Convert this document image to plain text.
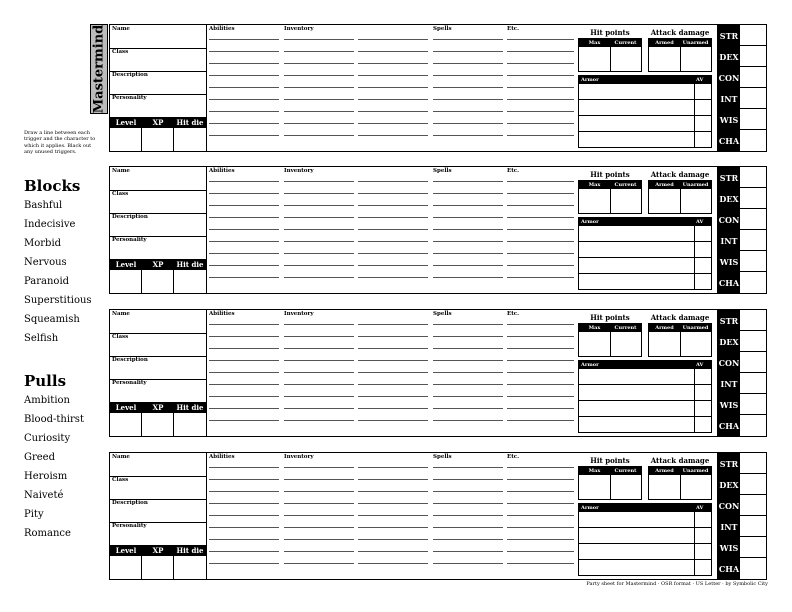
Mastermind
Draw a line between each trigger and the character to which it applies. Black out any unused triggers.
Blocks
Bashful
Indecisive
Morbid
Nervous
Paranoid
Superstitious
Squeamish
Selfish
Pulls
Ambition
Blood-thirst
Curiosity
Greed
Heroism
Naiveté
Pity
Romance
Name
Class
Description
Personality
Level	XP	Hit die
Abilities	Inventory	Spells	Etc.	Hit points
Max	Current
Attack damage
Armed	Unarmed
Armor	AV
STR
DEX
CON
INT
WIS
CHA
Name
Class
Description
Personality
Level	XP	Hit die
Abilities	Inventory	Spells	Etc.	Hit points
Max	Current
Attack damage
Armed	Unarmed
Armor	AV
STR
DEX
CON
INT
WIS
CHA
Name
Class
Description
Personality
Level	XP	Hit die
Abilities	Inventory	Spells	Etc.	Hit points
Max	Current
Attack damage
Armed	Unarmed
Armor	AV
STR
DEX
CON
INT
WIS
CHA
Name
Class
Description
Personality
Level	XP	Hit die
Abilities	Inventory	Spells	Etc.	Hit points
Max	Current
Attack damage
Armed	Unarmed
Armor	AV
STR
DEX
CON
INT
WIS
CHA
Party sheet for Mastermind · OSR format · US Letter · by Symbolic City
